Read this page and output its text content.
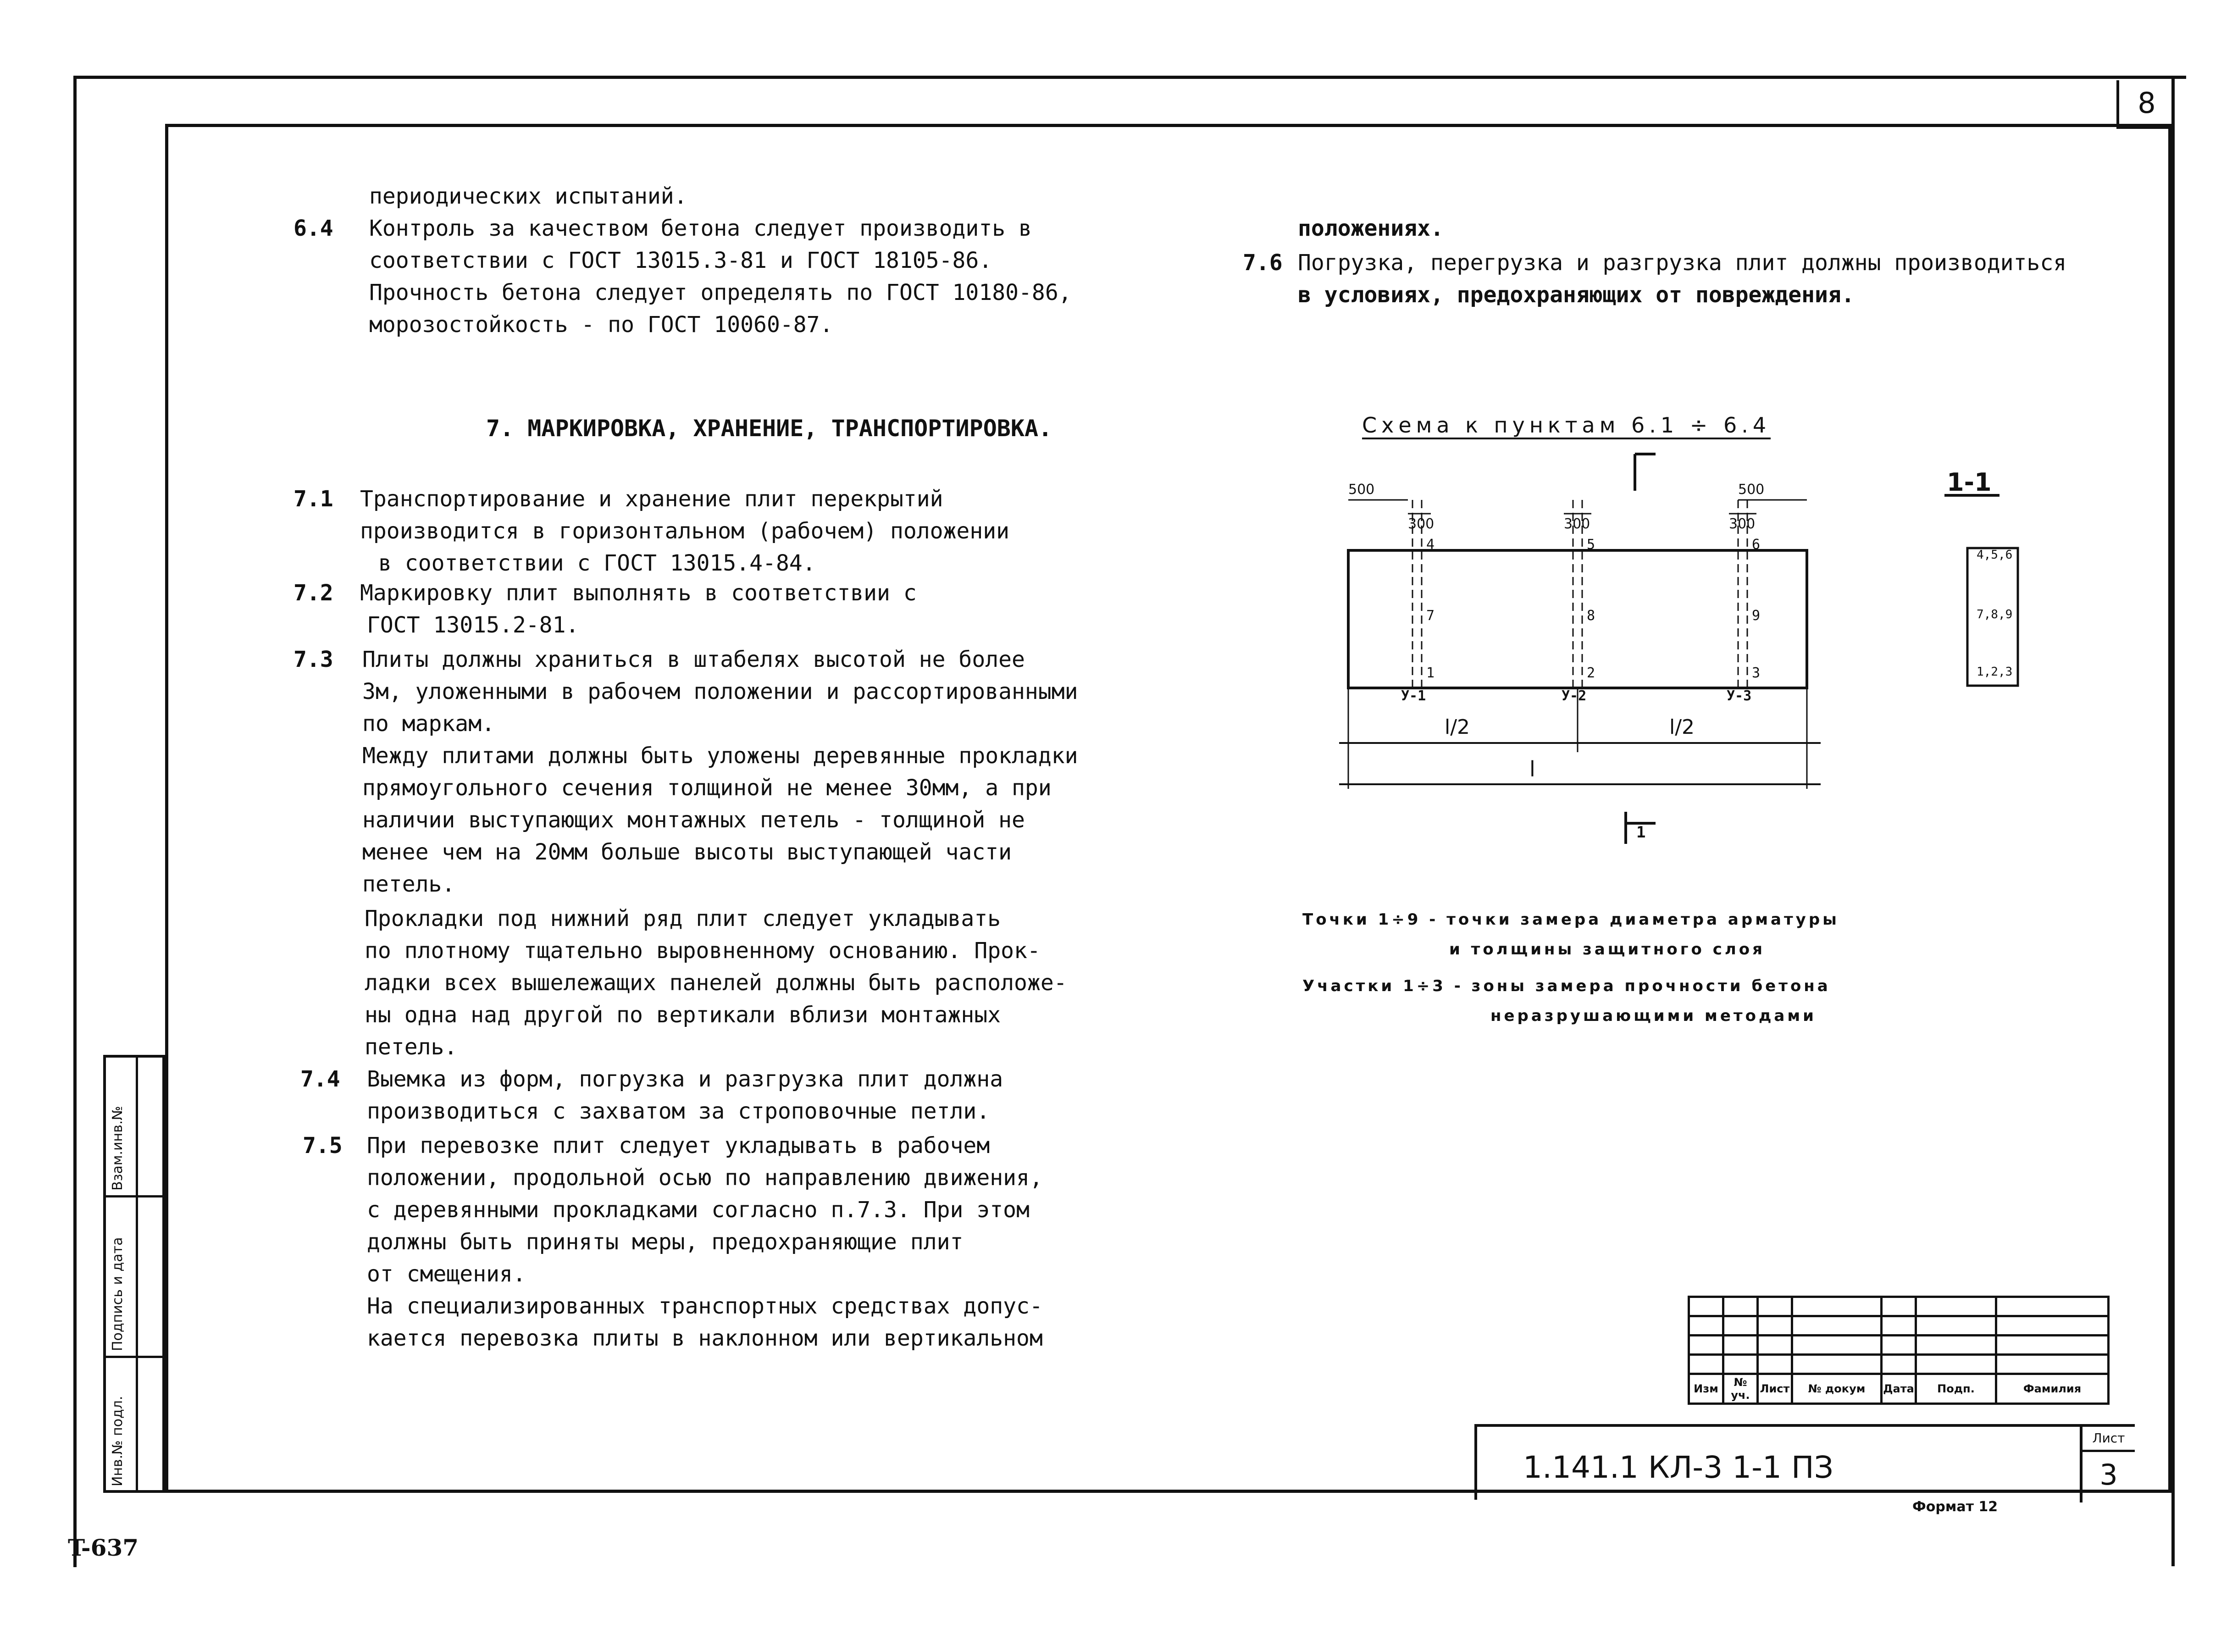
8
T-637
Взам.инв.№
Подпись и дата
Инв.№ подл.
периодических испытаний.
6.4 Контроль за качеством бетона следует производить в
соответствии с ГОСТ 13015.3-81 и ГОСТ 18105-86.
Прочность бетона следует определять по ГОСТ 10180-86,
морозостойкость - по ГОСТ 10060-87.
7. МАРКИРОВКА, ХРАНЕНИЕ, ТРАНСПОРТИРОВКА.
7.1 Транспортирование и хранение плит перекрытий
производится в горизонтальном (рабочем) положении
в соответствии с ГОСТ 13015.4-84.
7.2 Маркировку плит выполнять в соответствии с
ГОСТ 13015.2-81.
7.3 Плиты должны храниться в штабелях высотой не более
3м, уложенными в рабочем положении и рассортированными
по маркам.
Между плитами должны быть уложены деревянные прокладки
прямоугольного сечения толщиной не менее 30мм, а при
наличии выступающих монтажных петель - толщиной не
менее чем на 20мм больше высоты выступающей части
петель.
Прокладки под нижний ряд плит следует укладывать
по плотному тщательно выровненному основанию. Прок-
ладки всех вышележащих панелей должны быть расположе-
ны одна над другой по вертикали вблизи монтажных
петель.
7.4 Выемка из форм, погрузка и разгрузка плит должна
производиться с захватом за строповочные петли.
7.5 При перевозке плит следует укладывать в рабочем
положении, продольной осью по направлению движения,
с деревянными прокладками согласно п.7.3. При этом
должны быть приняты меры, предохраняющие плит
от смещения.
На специализированных транспортных средствах допус-
кается перевозка плиты в наклонном или вертикальном
положениях.
7.6 Погрузка, перегрузка и разгрузка плит должны производиться
в условиях, предохраняющих от повреждения.
Схема к пунктам 6.1 ÷ 6.4
500	500
300	300	300
4	5	6
7	8	9
1	2	3
У-1	У-2	У-3
l/2	l/2
l
1-1
4,5,6
7,8,9
1,2,3
1
Точки 1÷9 - точки замера диаметра арматуры
и толщины защитного слоя
Участки 1÷3 - зоны замера прочности бетона
неразрушающими методами

Изм	№ уч.	Лист	№ докум	Дата	Подп.	Фамилия
1.141.1 КЛ-3 1-1 ПЗ
Лист
3
Формат 12
